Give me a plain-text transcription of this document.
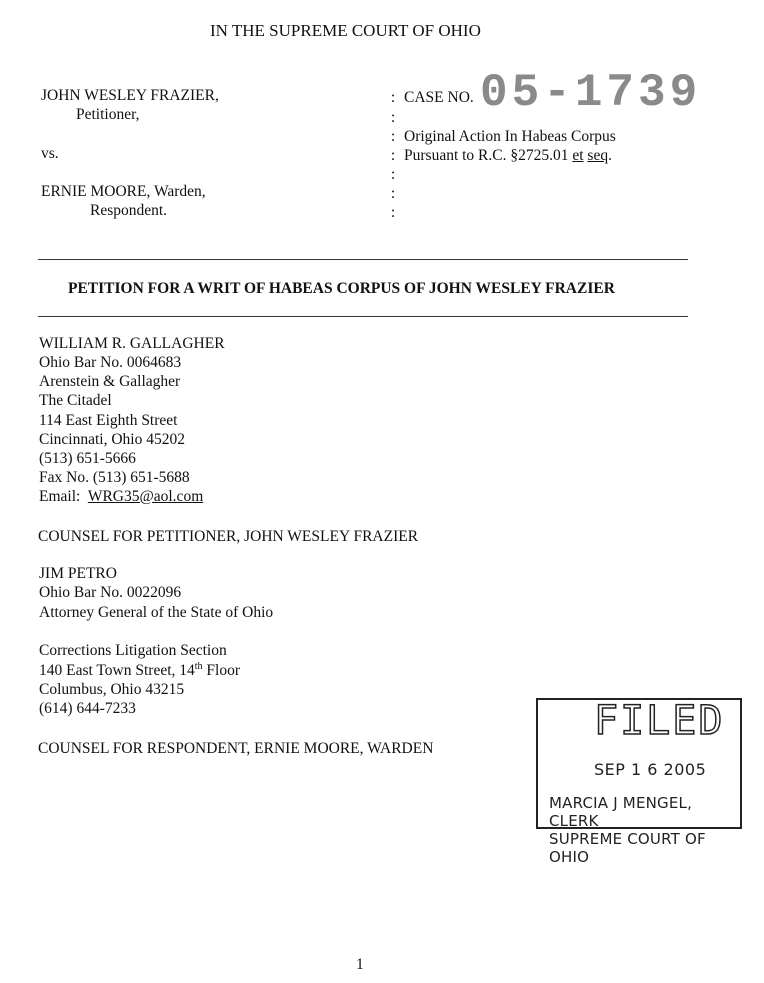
IN THE SUPREME COURT OF OHIO
JOHN WESLEY FRAZIER,
Petitioner,
vs.
ERNIE MOORE, Warden,
Respondent.
:
:
:
:
:
:
:
CASE NO. 05-1739
Original Action In Habeas Corpus
Pursuant to R.C. §2725.01 et seq.
PETITION FOR A WRIT OF HABEAS CORPUS OF JOHN WESLEY FRAZIER
WILLIAM R. GALLAGHER
Ohio Bar No. 0064683
Arenstein & Gallagher
The Citadel
114 East Eighth Street
Cincinnati, Ohio 45202
(513) 651-5666
Fax No. (513) 651-5688
Email: WRG35@aol.com
COUNSEL FOR PETITIONER, JOHN WESLEY FRAZIER
JIM PETRO
Ohio Bar No. 0022096
Attorney General of the State of Ohio
Corrections Litigation Section
140 East Town Street, 14th Floor
Columbus, Ohio 43215
(614) 644-7233
COUNSEL FOR RESPONDENT, ERNIE MOORE, WARDEN
FILED
SEP 1 6 2005
MARCIA J MENGEL, CLERK
SUPREME COURT OF OHIO
1
